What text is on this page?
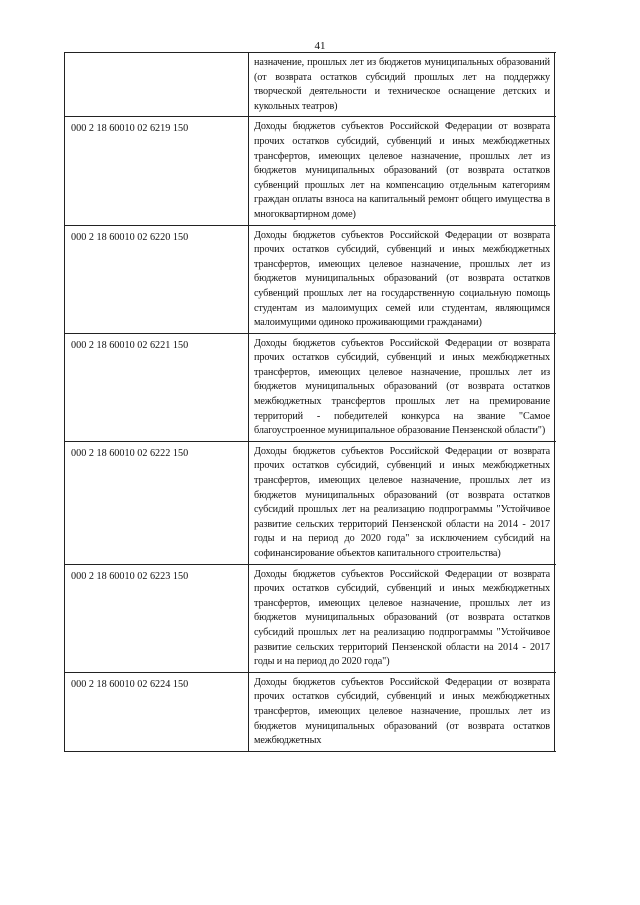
41
назначение, прошлых лет из бюджетов муниципальных образований (от возврата остатков субсидий прошлых лет на поддержку творческой деятельности и техническое оснащение детских и кукольных театров)
000 2 18 60010 02 6219 150	Доходы бюджетов субъектов Российской Федерации от возврата прочих остатков субсидий, субвенций и иных межбюджетных трансфертов, имеющих целевое назначение, прошлых лет из бюджетов муниципальных образований (от возврата остатков субвенций прошлых лет на компенсацию отдельным категориям граждан оплаты взноса на капитальный ремонт общего имущества в многоквартирном доме)
000 2 18 60010 02 6220 150	Доходы бюджетов субъектов Российской Федерации от возврата прочих остатков субсидий, субвенций и иных межбюджетных трансфертов, имеющих целевое назначение, прошлых лет из бюджетов муниципальных образований (от возврата остатков субвенций прошлых лет на государственную социальную помощь студентам из малоимущих семей или студентам, являющимся малоимущими одиноко проживающими гражданами)
000 2 18 60010 02 6221 150	Доходы бюджетов субъектов Российской Федерации от возврата прочих остатков субсидий, субвенций и иных межбюджетных трансфертов, имеющих целевое назначение, прошлых лет из бюджетов муниципальных образований (от возврата остатков межбюджетных трансфертов прошлых лет на премирование территорий - победителей конкурса на звание "Самое благоустроенное муниципальное образование Пензенской области")
000 2 18 60010 02 6222 150	Доходы бюджетов субъектов Российской Федерации от возврата прочих остатков субсидий, субвенций и иных межбюджетных трансфертов, имеющих целевое назначение, прошлых лет из бюджетов муниципальных образований (от возврата остатков субсидий прошлых лет на реализацию подпрограммы "Устойчивое развитие сельских территорий Пензенской области на 2014 - 2017 годы и на период до 2020 года" за исключением субсидий на софинансирование объектов капитального строительства)
000 2 18 60010 02 6223 150	Доходы бюджетов субъектов Российской Федерации от возврата прочих остатков субсидий, субвенций и иных межбюджетных трансфертов, имеющих целевое назначение, прошлых лет из бюджетов муниципальных образований (от возврата остатков субсидий прошлых лет на реализацию подпрограммы "Устойчивое развитие сельских территорий Пензенской области на 2014 - 2017 годы и на период до 2020 года")
000 2 18 60010 02 6224 150	Доходы бюджетов субъектов Российской Федерации от возврата прочих остатков субсидий, субвенций и иных межбюджетных трансфертов, имеющих целевое назначение, прошлых лет из бюджетов муниципальных образований (от возврата остатков межбюджетных
